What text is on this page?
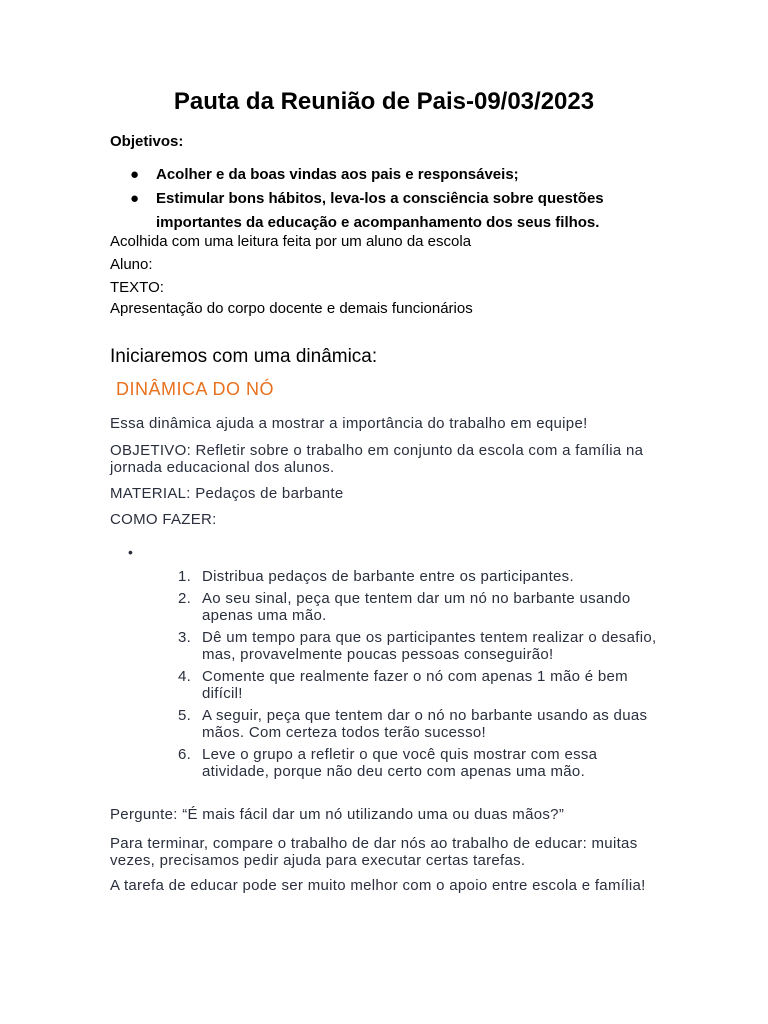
Pauta da Reunião de Pais-09/03/2023
Objetivos:
● Acolher e da boas vindas aos pais e responsáveis;
● Estimular bons hábitos, leva-los a consciência sobre questões importantes da educação e acompanhamento dos seus filhos.
Acolhida com uma leitura feita por um aluno da escola
Aluno:
TEXTO:
Apresentação do corpo docente e demais funcionários
Iniciaremos com uma dinâmica:
DINÂMICA DO NÓ
Essa dinâmica ajuda a mostrar a importância do trabalho em equipe!
OBJETIVO: Refletir sobre o trabalho em conjunto da escola com a família na jornada educacional dos alunos.
MATERIAL: Pedaços de barbante
COMO FAZER:
•
1. Distribua pedaços de barbante entre os participantes.
2. Ao seu sinal, peça que tentem dar um nó no barbante usando apenas uma mão.
3. Dê um tempo para que os participantes tentem realizar o desafio, mas, provavelmente poucas pessoas conseguirão!
4. Comente que realmente fazer o nó com apenas 1 mão é bem difícil!
5. A seguir, peça que tentem dar o nó no barbante usando as duas mãos. Com certeza todos terão sucesso!
6. Leve o grupo a refletir o que você quis mostrar com essa atividade, porque não deu certo com apenas uma mão.
Pergunte: “É mais fácil dar um nó utilizando uma ou duas mãos?”
Para terminar, compare o trabalho de dar nós ao trabalho de educar: muitas vezes, precisamos pedir ajuda para executar certas tarefas.
A tarefa de educar pode ser muito melhor com o apoio entre escola e família!
